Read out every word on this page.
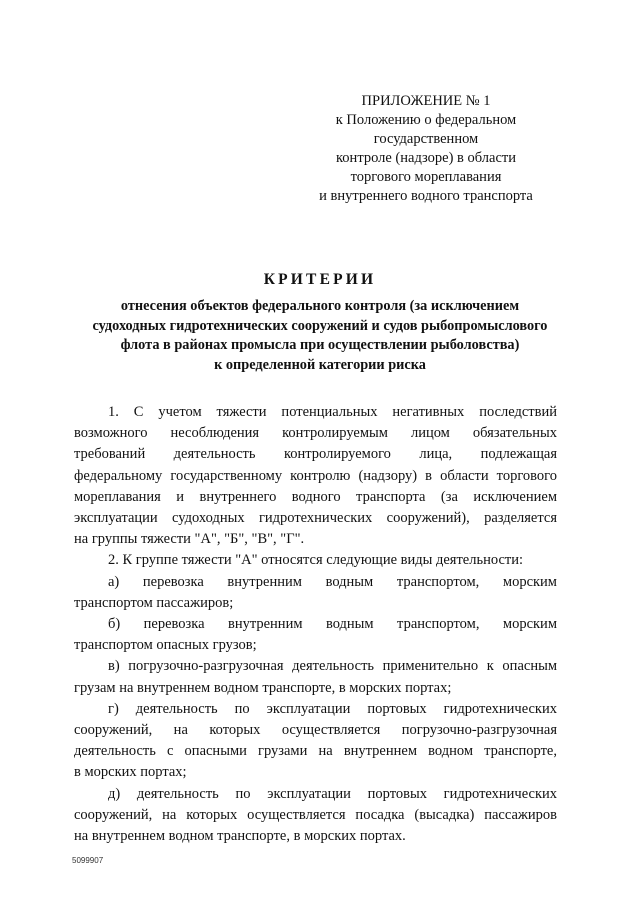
ПРИЛОЖЕНИЕ № 1
к Положению о федеральном
государственном
контроле (надзоре) в области
торгового мореплавания
и внутреннего водного транспорта
КРИТЕРИИ
отнесения объектов федерального контроля (за исключением
судоходных гидротехнических сооружений и судов рыбопромыслового
флота в районах промысла при осуществлении рыболовства)
к определенной категории риска
1. С учетом тяжести потенциальных негативных последствий
возможного несоблюдения контролируемым лицом обязательных
требований деятельность контролируемого лица, подлежащая
федеральному государственному контролю (надзору) в области торгового
мореплавания и внутреннего водного транспорта (за исключением
эксплуатации судоходных гидротехнических сооружений), разделяется
на группы тяжести "А", "Б", "В", "Г".
2. К группе тяжести "А" относятся следующие виды деятельности:
а) перевозка внутренним водным транспортом, морским
транспортом пассажиров;
б) перевозка внутренним водным транспортом, морским
транспортом опасных грузов;
в) погрузочно-разгрузочная деятельность применительно к опасным
грузам на внутреннем водном транспорте, в морских портах;
г) деятельность по эксплуатации портовых гидротехнических
сооружений, на которых осуществляется погрузочно-разгрузочная
деятельность с опасными грузами на внутреннем водном транспорте,
в морских портах;
д) деятельность по эксплуатации портовых гидротехнических
сооружений, на которых осуществляется посадка (высадка) пассажиров
на внутреннем водном транспорте, в морских портах.
5099907
